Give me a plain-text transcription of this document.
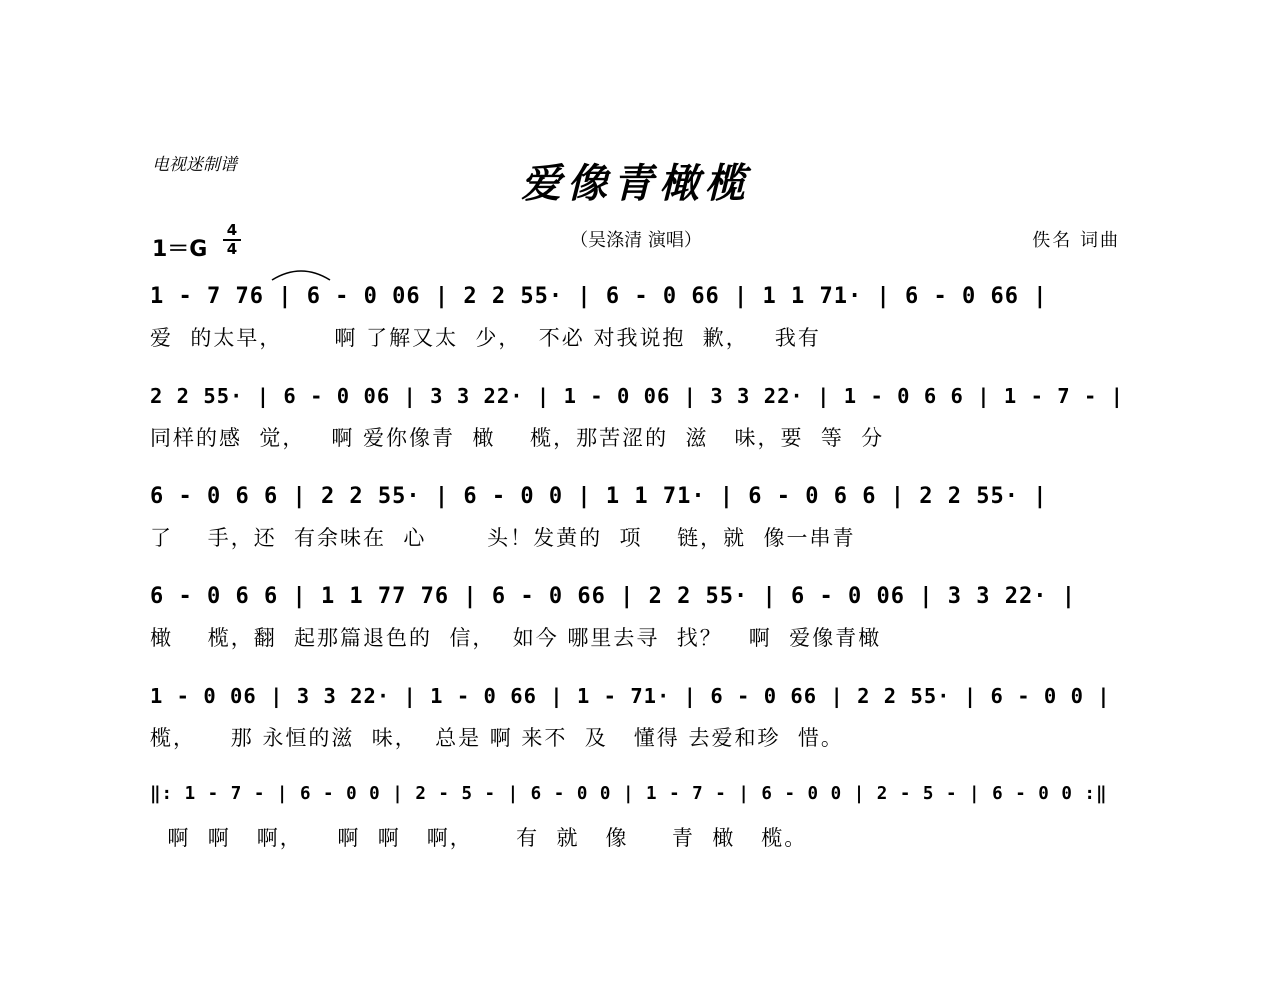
电视迷制谱	爱像青橄榄
（吴涤清 演唱）	佚名 词曲
1＝G
4
4
1 - 7 76 | 6 - 0 06 | 2 2 55· | 6 - 0 66 | 1 1 71· | 6 - 0 66 |
爱  的太早，      啊 了解又太  少，  不必 对我说抱  歉，   我有
2 2 55· | 6 - 0 06 | 3 3 22· | 1 - 0 06 | 3 3 22· | 1 - 0 6 6 | 1 - 7 - |
同样的感  觉，   啊 爱你像青  橄    榄，那苦涩的  滋   味，要  等  分
6 - 0 6 6 | 2 2 55· | 6 - 0 0 | 1 1 71· | 6 - 0 6 6 | 2 2 55· |
了    手，还  有余味在  心       头！发黄的  项    链，就  像一串青
6 - 0 6 6 | 1 1 77 76 | 6 - 0 66 | 2 2 55· | 6 - 0 06 | 3 3 22· |
橄    榄，翻  起那篇退色的  信，  如今 哪里去寻  找？   啊  爱像青橄
1 - 0 06 | 3 3 22· | 1 - 0 66 | 1 - 71· | 6 - 0 66 | 2 2 55· | 6 - 0 0 |
榄，    那 永恒的滋  味，  总是 啊 来不  及   懂得 去爱和珍  惜。
‖: 1 - 7 - | 6 - 0 0 | 2 - 5 - | 6 - 0 0 | 1 - 7 - | 6 - 0 0 | 2 - 5 - | 6 - 0 0 :‖
啊  啊   啊，    啊  啊   啊，     有  就   像     青  橄   榄。
